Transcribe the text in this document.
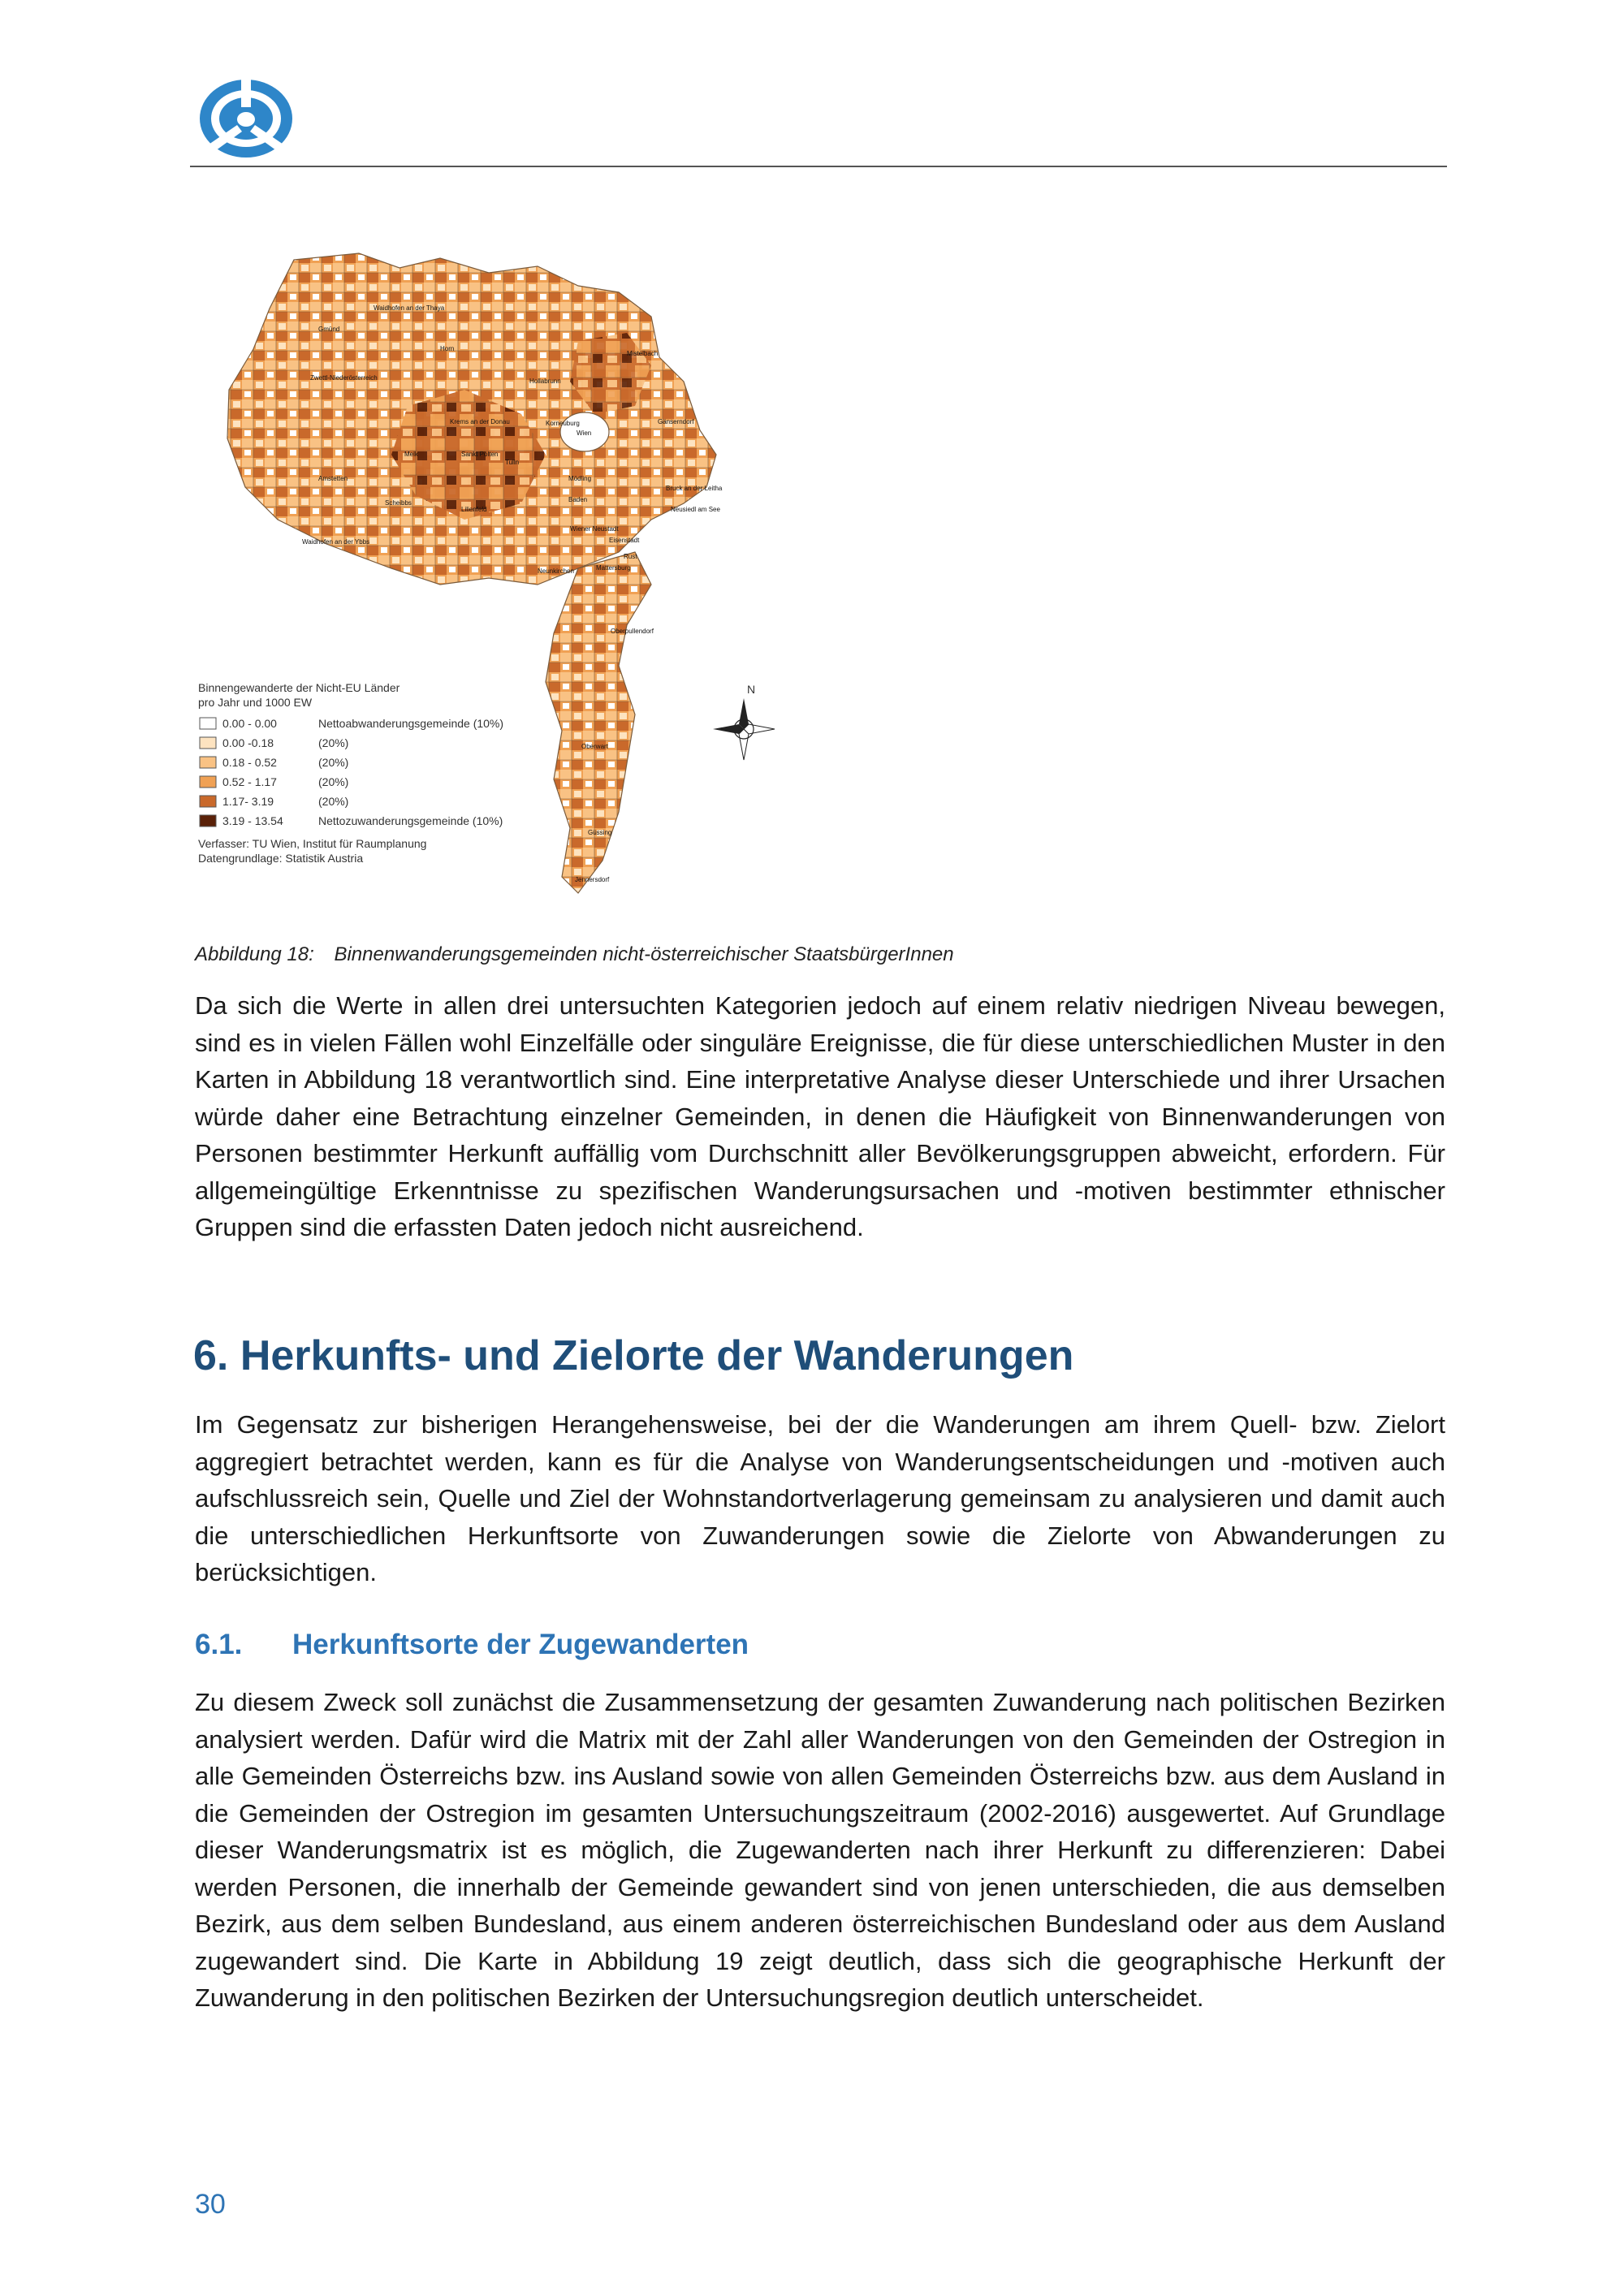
Waidhofen an der Thaya
Gmünd
Horn
Mistelbach
Zwettl-Niederösterreich	Hollabrunn
Krems an der Donau	Korneuburg	Gänserndorf
Melk	Sankt Pölten
Wien
Amstetten
Tulln
Mödling
Bruck an der Leitha
Scheibbs
Lilienfeld
Baden
Neusiedl am See
Waidhofen an der Ybbs
Wiener Neustadt
Eisenstadt
Rust
Neunkirchen	Mattersburg
Oberpullendorf
Oberwart
Güssing
Jennersdorf
N
Binnengewanderte der Nicht-EU Länder
pro Jahr und 1000 EW
0.00 - 0.00	Nettoabwanderungsgemeinde (10%)
0.00 -0.18	(20%)
0.18 - 0.52	(20%)
0.52 - 1.17	(20%)
1.17- 3.19	(20%)
3.19 - 13.54	Nettozuwanderungsgemeinde (10%)
Verfasser: TU Wien, Institut für Raumplanung
Datengrundlage: Statistik Austria
Abbildung 18: Binnenwanderungsgemeinden nicht-österreichischer StaatsbürgerInnen

Da sich die Werte in allen drei untersuchten Kategorien jedoch auf einem relativ niedrigen Niveau bewegen, sind es in vielen Fällen wohl Einzelfälle oder singuläre Ereignisse, die für diese unterschiedlichen Muster in den Karten in Abbildung 18 verantwortlich sind. Eine interpretative Analyse dieser Unterschiede und ihrer Ursachen würde daher eine Betrachtung einzelner Gemeinden, in denen die Häufigkeit von Binnenwanderungen von Personen bestimmter Herkunft auffällig vom Durchschnitt aller Bevölkerungsgruppen abweicht, erfordern. Für allgemeingültige Erkenntnisse zu spezifischen Wanderungsursachen und -motiven bestimmter ethnischer Gruppen sind die erfassten Daten jedoch nicht ausreichend.

6. Herkunfts- und Zielorte der Wanderungen

Im Gegensatz zur bisherigen Herangehensweise, bei der die Wanderungen am ihrem Quell- bzw. Zielort aggregiert betrachtet werden, kann es für die Analyse von Wanderungsentscheidungen und -motiven auch aufschlussreich sein, Quelle und Ziel der Wohnstandortverlagerung gemeinsam zu analysieren und damit auch die unterschiedlichen Herkunftsorte von Zuwanderungen sowie die Zielorte von Abwanderungen zu berücksichtigen.

6.1. Herkunftsorte der Zugewanderten

Zu diesem Zweck soll zunächst die Zusammensetzung der gesamten Zuwanderung nach politischen Bezirken analysiert werden. Dafür wird die Matrix mit der Zahl aller Wanderungen von den Gemeinden der Ostregion in alle Gemeinden Österreichs bzw. ins Ausland sowie von allen Gemeinden Österreichs bzw. aus dem Ausland in die Gemeinden der Ostregion im gesamten Untersuchungszeitraum (2002-2016) ausgewertet. Auf Grundlage dieser Wanderungsmatrix ist es möglich, die Zugewanderten nach ihrer Herkunft zu differenzieren: Dabei werden Personen, die innerhalb der Gemeinde gewandert sind von jenen unterschieden, die aus demselben Bezirk, aus dem selben Bundesland, aus einem anderen österreichischen Bundesland oder aus dem Ausland zugewandert sind. Die Karte in Abbildung 19 zeigt deutlich, dass sich die geographische Herkunft der Zuwanderung in den politischen Bezirken der Untersuchungsregion deutlich unterscheidet.

30
